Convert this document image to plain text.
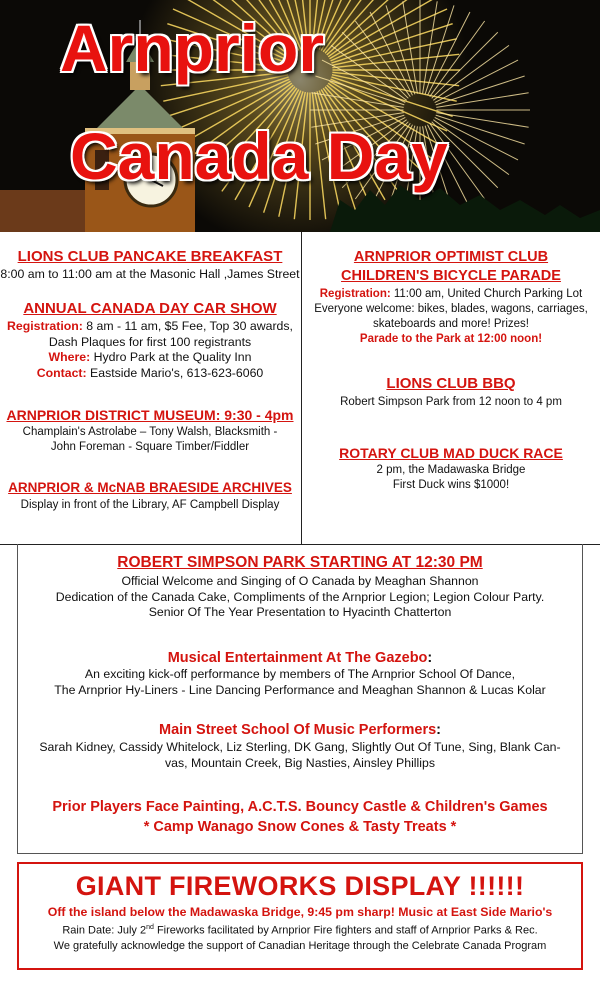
Arnprior
Canada Day
LIONS CLUB PANCAKE BREAKFAST
8:00 am to 11:00 am at the Masonic Hall ,James Street
ANNUAL CANADA DAY CAR SHOW
Registration: 8 am - 11 am, $5 Fee, Top 30 awards,
Dash Plaques for first 100 registrants
Where: Hydro Park at the Quality Inn
Contact: Eastside Mario's, 613-623-6060
ARNPRIOR DISTRICT MUSEUM: 9:30 - 4pm
Champlain's Astrolabe – Tony Walsh, Blacksmith -
John Foreman - Square Timber/Fiddler
ARNPRIOR & McNAB BRAESIDE ARCHIVES
Display in front of the Library, AF Campbell Display
ARNPRIOR OPTIMIST CLUB
CHILDREN'S BICYCLE PARADE
Registration: 11:00 am, United Church Parking Lot
Everyone welcome: bikes, blades, wagons, carriages,
skateboards and more! Prizes!
Parade to the Park at 12:00 noon!
LIONS CLUB BBQ
Robert Simpson Park from 12 noon to 4 pm
ROTARY CLUB MAD DUCK RACE
2 pm, the Madawaska Bridge
First Duck wins $1000!
ROBERT SIMPSON PARK STARTING AT 12:30 PM
Official Welcome and Singing of O Canada by Meaghan Shannon
Dedication of the Canada Cake, Compliments of the Arnprior Legion; Legion Colour Party.
Senior Of The Year Presentation to Hyacinth Chatterton
Musical Entertainment At The Gazebo:
An exciting kick-off performance by members of The Arnprior School Of Dance,
The Arnprior Hy-Liners - Line Dancing Performance and Meaghan Shannon & Lucas Kolar
Main Street School Of Music Performers:
Sarah Kidney, Cassidy Whitelock, Liz Sterling, DK Gang, Slightly Out Of Tune, Sing, Blank Can-
vas, Mountain Creek, Big Nasties, Ainsley Phillips
Prior Players Face Painting, A.C.T.S. Bouncy Castle & Children's Games
* Camp Wanago Snow Cones & Tasty Treats *
GIANT FIREWORKS DISPLAY !!!!!!
Off the island below the Madawaska Bridge, 9:45 pm sharp! Music at East Side Mario's
Rain Date: July 2nd Fireworks facilitated by Arnprior Fire fighters and staff of Arnprior Parks & Rec.
We gratefully acknowledge the support of Canadian Heritage through the Celebrate Canada Program
